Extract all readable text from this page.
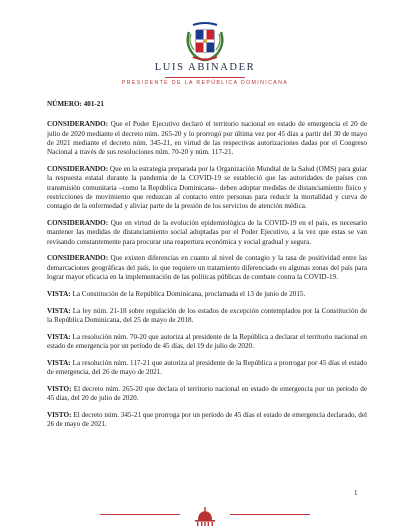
LUIS ABINADER
PRESIDENTE DE LA REPÚBLICA DOMINICANA

NÚMERO: 401-21

CONSIDERANDO: Que el Poder Ejecutivo declaró el territorio nacional en estado de emergencia el 20 de julio de 2020 mediante el decreto núm. 265-20 y lo prorrogó por última vez por 45 días a partir del 30 de mayo de 2021 mediante el decreto núm. 345-21, en virtud de las respectivas autorizaciones dadas por el Congreso Nacional a través de sus resoluciones núm. 70-20 y núm. 117-21.

CONSIDERANDO: Que en la estrategia preparada por la Organización Mundial de la Salud (OMS) para guiar la respuesta estatal durante la pandemia de la COVID-19 se estableció que las autoridades de países con transmisión comunitaria –como la República Dominicana– deben adoptar medidas de distanciamiento físico y restricciones de movimiento que reduzcan al contacto entre personas para reducir la mortalidad y curva de contagio de la enfermedad y aliviar parte de la presión de los servicios de atención médica.

CONSIDERANDO: Que en virtud de la evolución epidemiológica de la COVID-19 en el país, es necesario mantener las medidas de distanciamiento social adoptadas por el Poder Ejecutivo, a la vez que estas se van revisando constantemente para procurar una reapertura económica y social gradual y segura.

CONSIDERANDO: Que existen diferencias en cuanto al nivel de contagio y la tasa de positividad entre las demarcaciones geográficas del país, lo que requiere un tratamiento diferenciado en algunas zonas del país para lograr mayor eficacia en la implementación de las políticas públicas de combate contra la COVID-19.

VISTA: La Constitución de la República Dominicana, proclamada el 13 de junio de 2015.

VISTA: La ley núm. 21-18 sobre regulación de los estados de excepción contemplados por la Constitución de la República Dominicana, del 25 de mayo de 2018.

VISTA: La resolución núm. 70-20 que autoriza al presidente de la República a declarar el territorio nacional en estado de emergencia por un período de 45 días, del 19 de julio de 2020.

VISTA: La resolución núm. 117-21 que autoriza al presidente de la República a prorrogar por 45 días el estado de emergencia, del 26 de mayo de 2021.

VISTO: El decreto núm. 265-20 que declara el territorio nacional en estado de emergencia por un período de 45 días, del 20 de julio de 2020.

VISTO: El decreto núm. 345-21 que prorroga por un período de 45 días el estado de emergencia declarado, del 26 de mayo de 2021.

1
